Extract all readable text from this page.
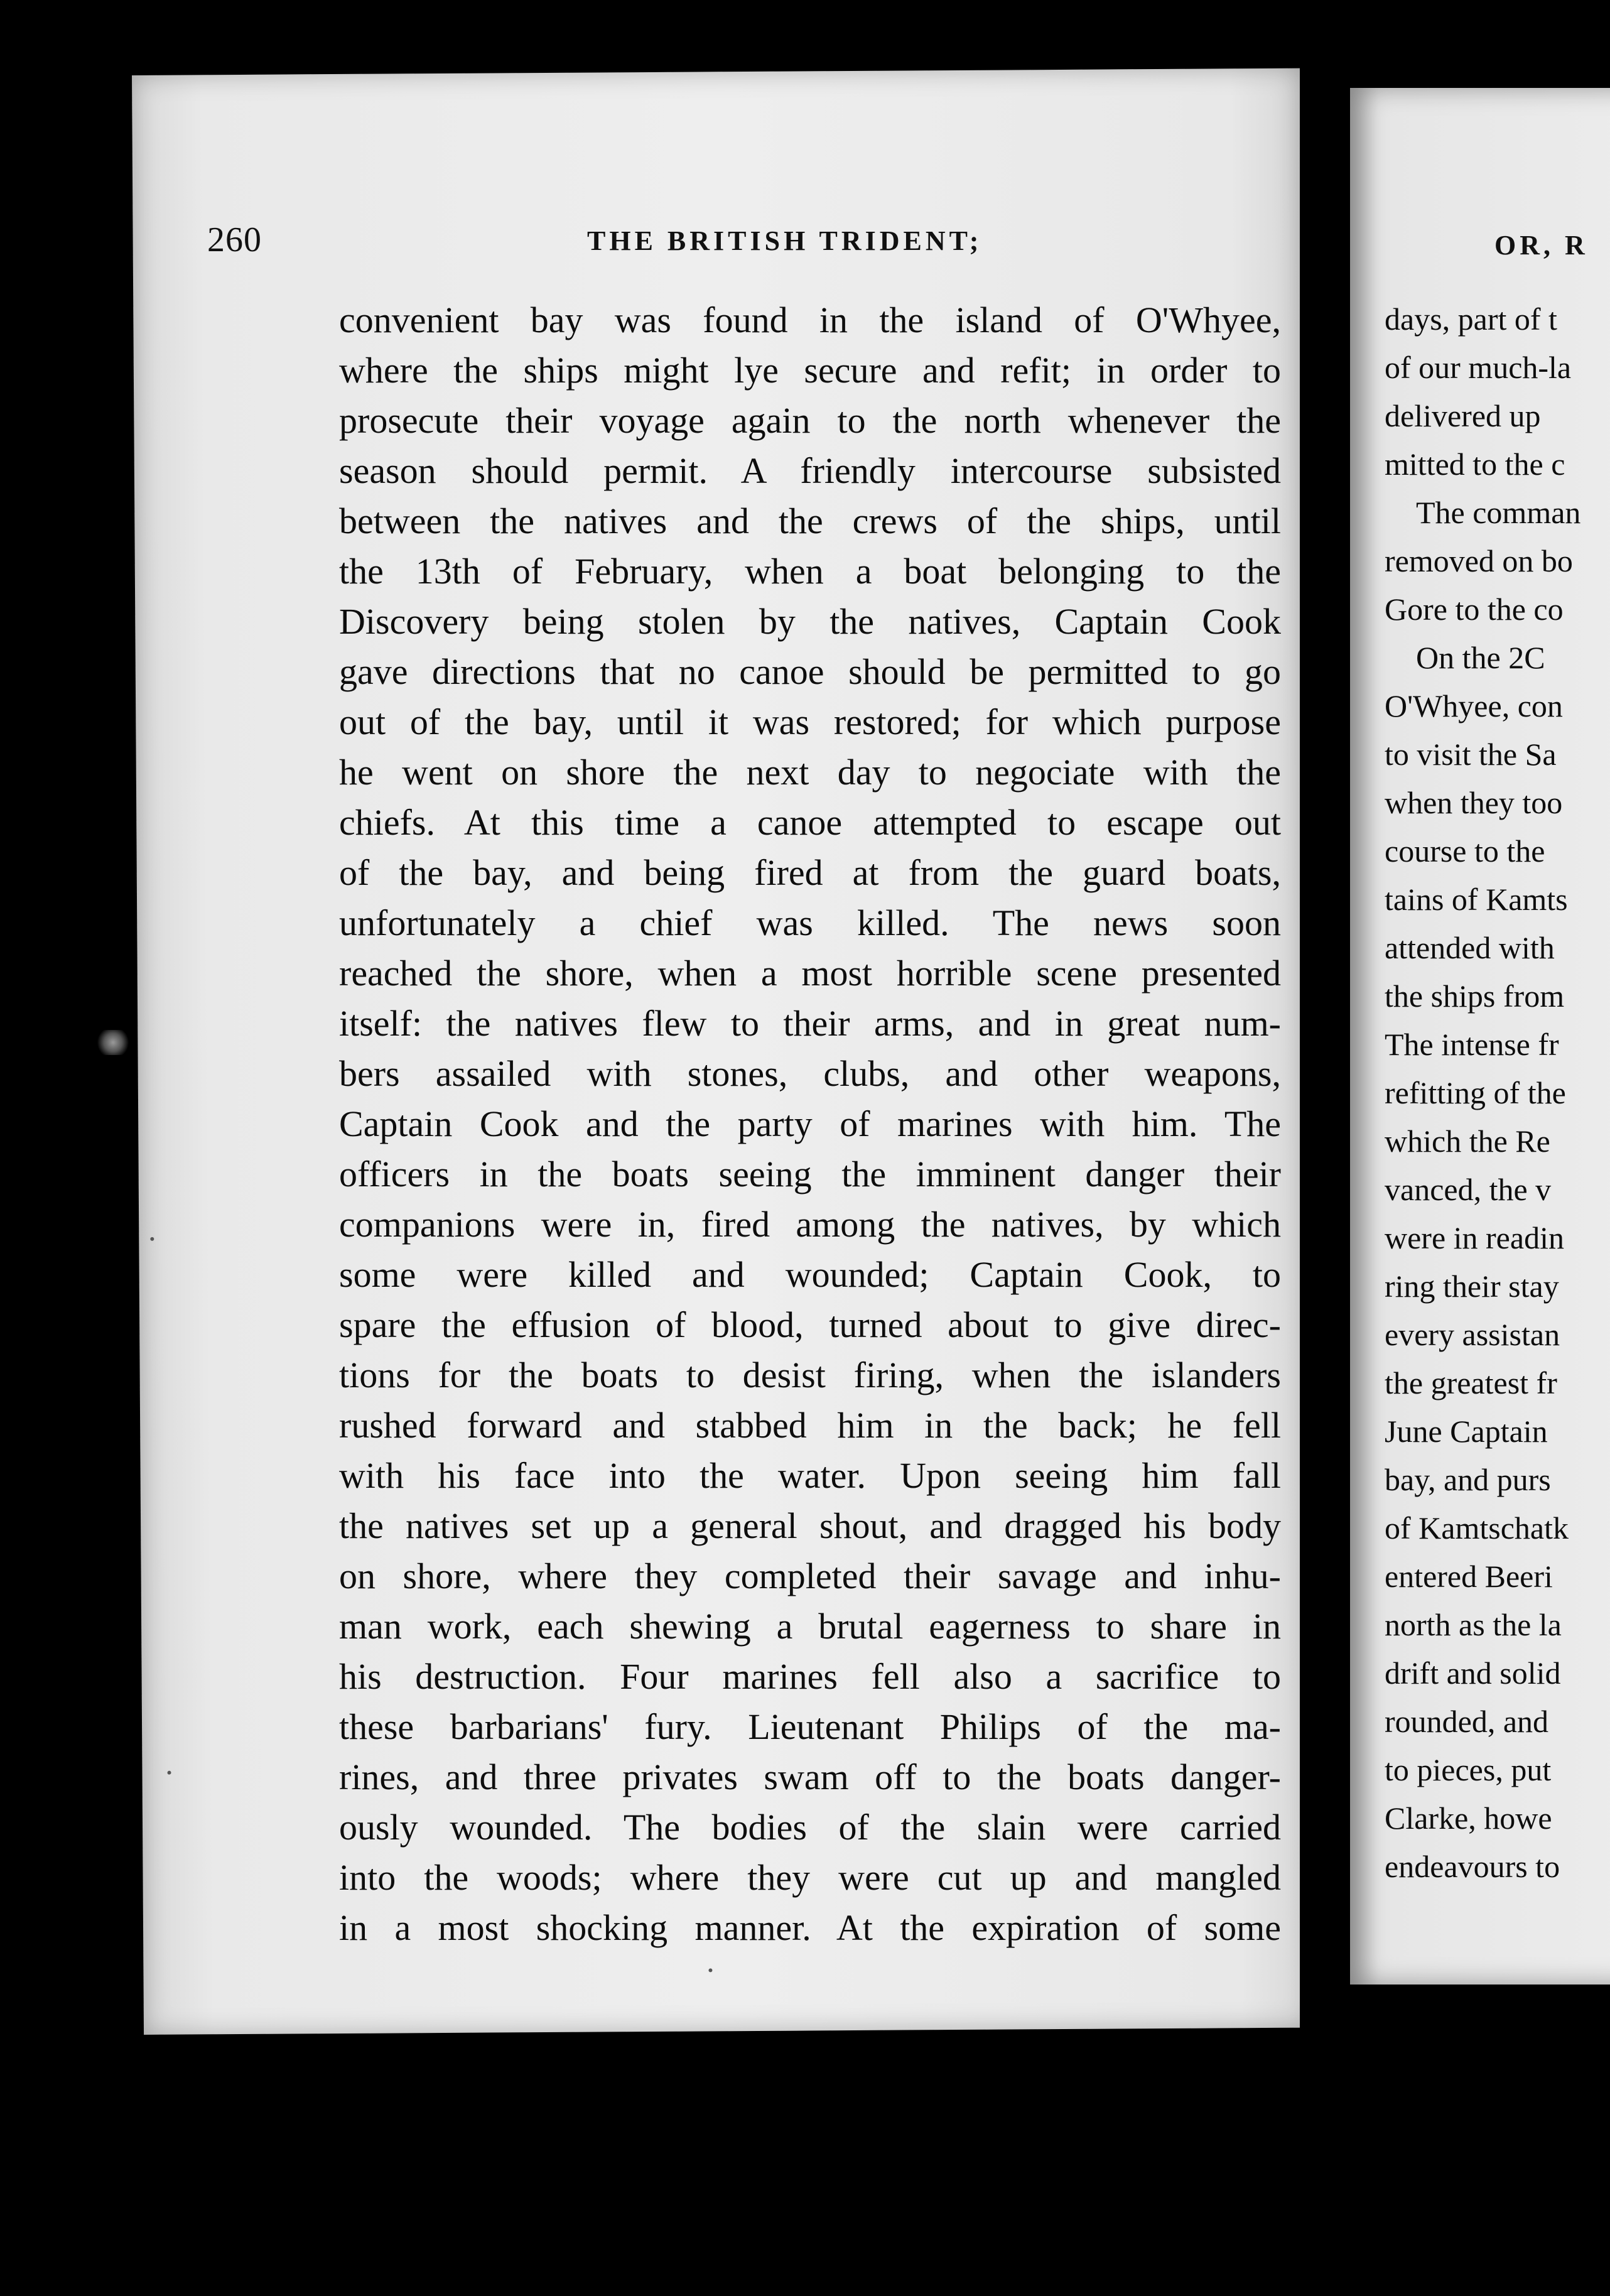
260	THE BRITISH TRIDENT;
convenient bay was found in the island of O'Whyee,
where the ships might lye secure and refit; in order to
prosecute their voyage again to the north whenever the
season should permit. A friendly intercourse subsisted
between the natives and the crews of the ships, until
the 13th of February, when a boat belonging to the
Discovery being stolen by the natives, Captain Cook
gave directions that no canoe should be permitted to go
out of the bay, until it was restored; for which purpose
he went on shore the next day to negociate with the
chiefs. At this time a canoe attempted to escape out
of the bay, and being fired at from the guard boats,
unfortunately a chief was killed. The news soon
reached the shore, when a most horrible scene presented
itself: the natives flew to their arms, and in great num-
bers assailed with stones, clubs, and other weapons,
Captain Cook and the party of marines with him. The
officers in the boats seeing the imminent danger their
companions were in, fired among the natives, by which
some were killed and wounded; Captain Cook, to
spare the effusion of blood, turned about to give direc-
tions for the boats to desist firing, when the islanders
rushed forward and stabbed him in the back; he fell
with his face into the water. Upon seeing him fall
the natives set up a general shout, and dragged his body
on shore, where they completed their savage and inhu-
man work, each shewing a brutal eagerness to share in
his destruction. Four marines fell also a sacrifice to
these barbarians' fury. Lieutenant Philips of the ma-
rines, and three privates swam off to the boats danger-
ously wounded. The bodies of the slain were carried
into the woods; where they were cut up and mangled
in a most shocking manner. At the expiration of some
OR, R
days, part of t
of our much-la
delivered up
mitted to the c
The comman
removed on bo
Gore to the co
On the 2C
O'Whyee, con
to visit the Sa
when they too
course to the
tains of Kamts
attended with
the ships from
The intense fr
refitting of the
which the Re
vanced, the v
were in readin
ring their stay
every assistan
the greatest fr
June Captain
bay, and purs
of Kamtschatk
entered Beeri
north as the la
drift and solid
rounded, and
to pieces, put
Clarke, howe
endeavours to
